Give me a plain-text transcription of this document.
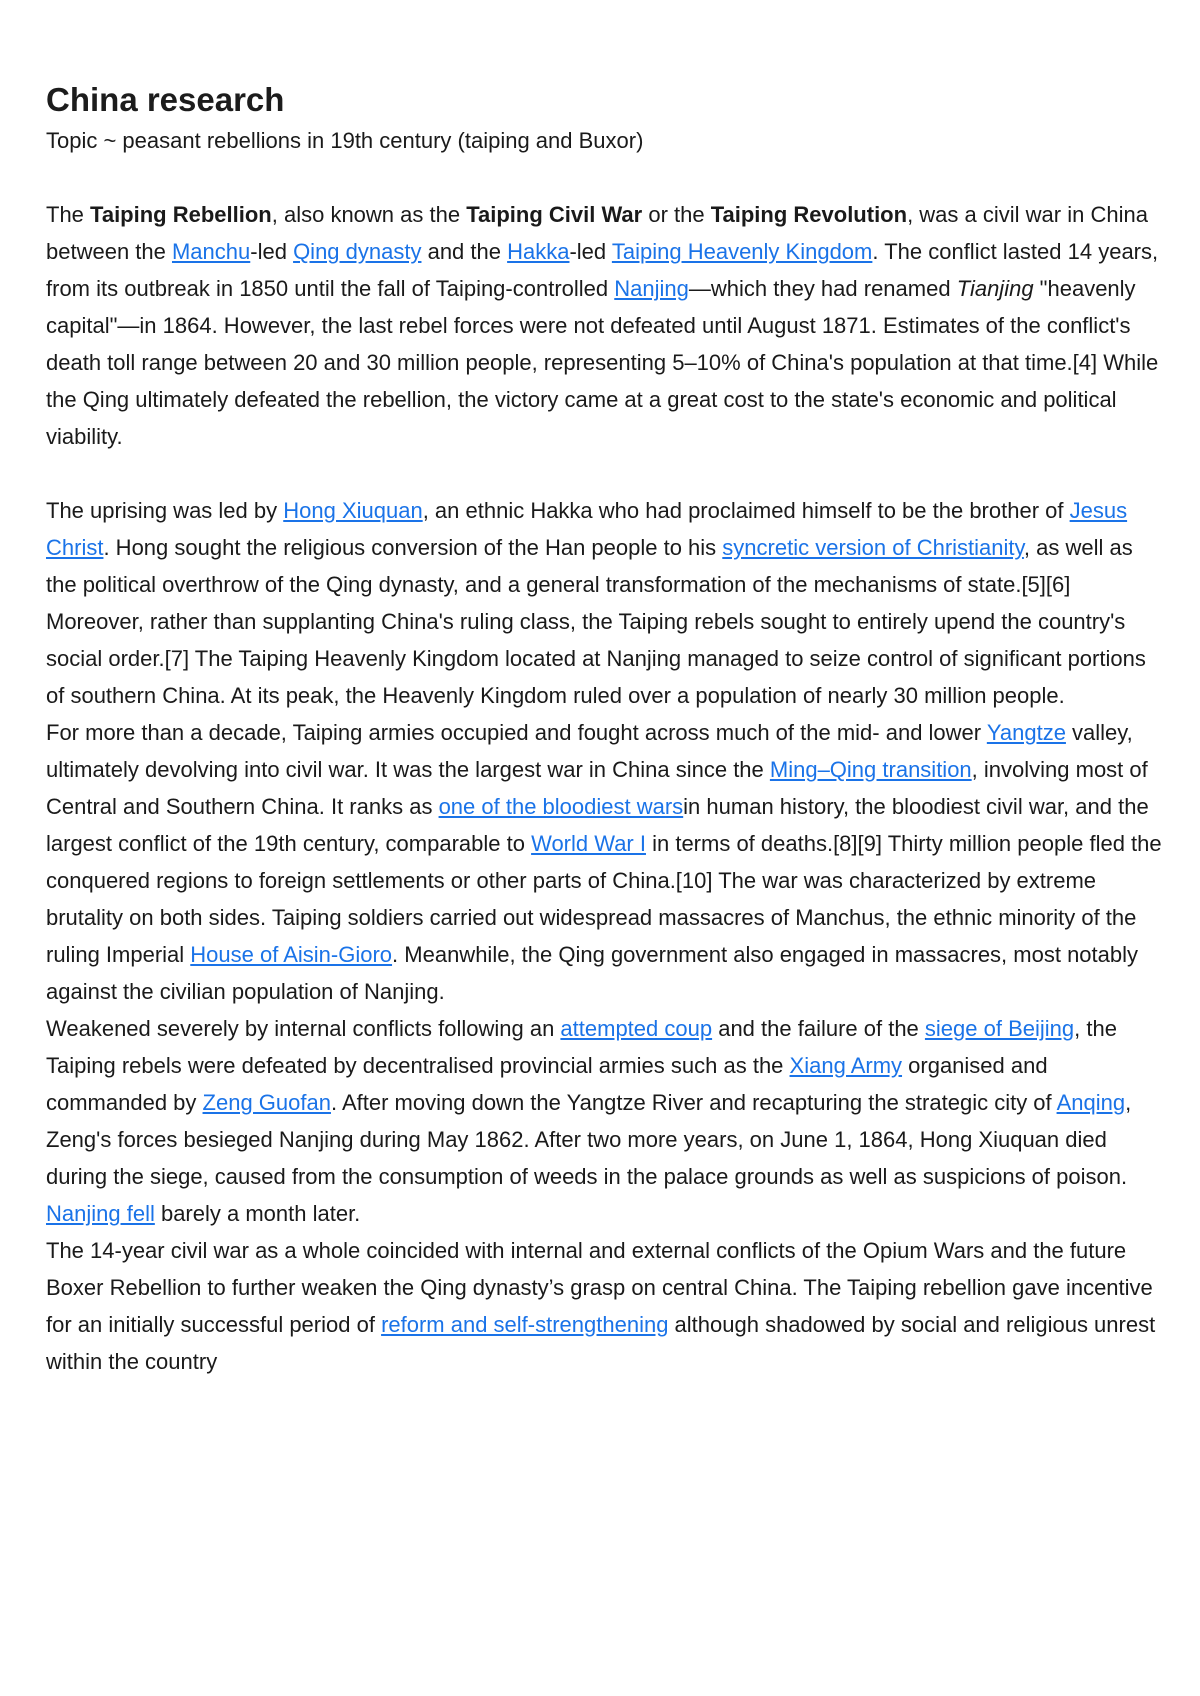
China research
Topic ~ peasant rebellions in 19th century (taiping and Buxor)

The Taiping Rebellion, also known as the Taiping Civil War or the Taiping Revolution, was a civil war in China between the Manchu-led Qing dynasty and the Hakka-led Taiping Heavenly Kingdom. The conflict lasted 14 years, from its outbreak in 1850 until the fall of Taiping-controlled Nanjing—which they had renamed Tianjing "heavenly capital"—in 1864. However, the last rebel forces were not defeated until August 1871. Estimates of the conflict's death toll range between 20 and 30 million people, representing 5–10% of China's population at that time.[4] While the Qing ultimately defeated the rebellion, the victory came at a great cost to the state's economic and political viability.

The uprising was led by Hong Xiuquan, an ethnic Hakka who had proclaimed himself to be the brother of Jesus Christ. Hong sought the religious conversion of the Han people to his syncretic version of Christianity, as well as the political overthrow of the Qing dynasty, and a general transformation of the mechanisms of state.[5][6] Moreover, rather than supplanting China's ruling class, the Taiping rebels sought to entirely upend the country's social order.[7] The Taiping Heavenly Kingdom located at Nanjing managed to seize control of significant portions of southern China. At its peak, the Heavenly Kingdom ruled over a population of nearly 30 million people.

For more than a decade, Taiping armies occupied and fought across much of the mid- and lower Yangtze valley, ultimately devolving into civil war. It was the largest war in China since the Ming–Qing transition, involving most of Central and Southern China. It ranks as one of the bloodiest warsin human history, the bloodiest civil war, and the largest conflict of the 19th century, comparable to World War I in terms of deaths.[8][9] Thirty million people fled the conquered regions to foreign settlements or other parts of China.[10] The war was characterized by extreme brutality on both sides. Taiping soldiers carried out widespread massacres of Manchus, the ethnic minority of the ruling Imperial House of Aisin-Gioro. Meanwhile, the Qing government also engaged in massacres, most notably against the civilian population of Nanjing.

Weakened severely by internal conflicts following an attempted coup and the failure of the siege of Beijing, the Taiping rebels were defeated by decentralised provincial armies such as the Xiang Army organised and commanded by Zeng Guofan. After moving down the Yangtze River and recapturing the strategic city of Anqing, Zeng's forces besieged Nanjing during May 1862. After two more years, on June 1, 1864, Hong Xiuquan died during the siege, caused from the consumption of weeds in the palace grounds as well as suspicions of poison. Nanjing fell barely a month later.

The 14-year civil war as a whole coincided with internal and external conflicts of the Opium Wars and the future Boxer Rebellion to further weaken the Qing dynasty’s grasp on central China. The Taiping rebellion gave incentive for an initially successful period of reform and self-strengthening although shadowed by social and religious unrest within the country
